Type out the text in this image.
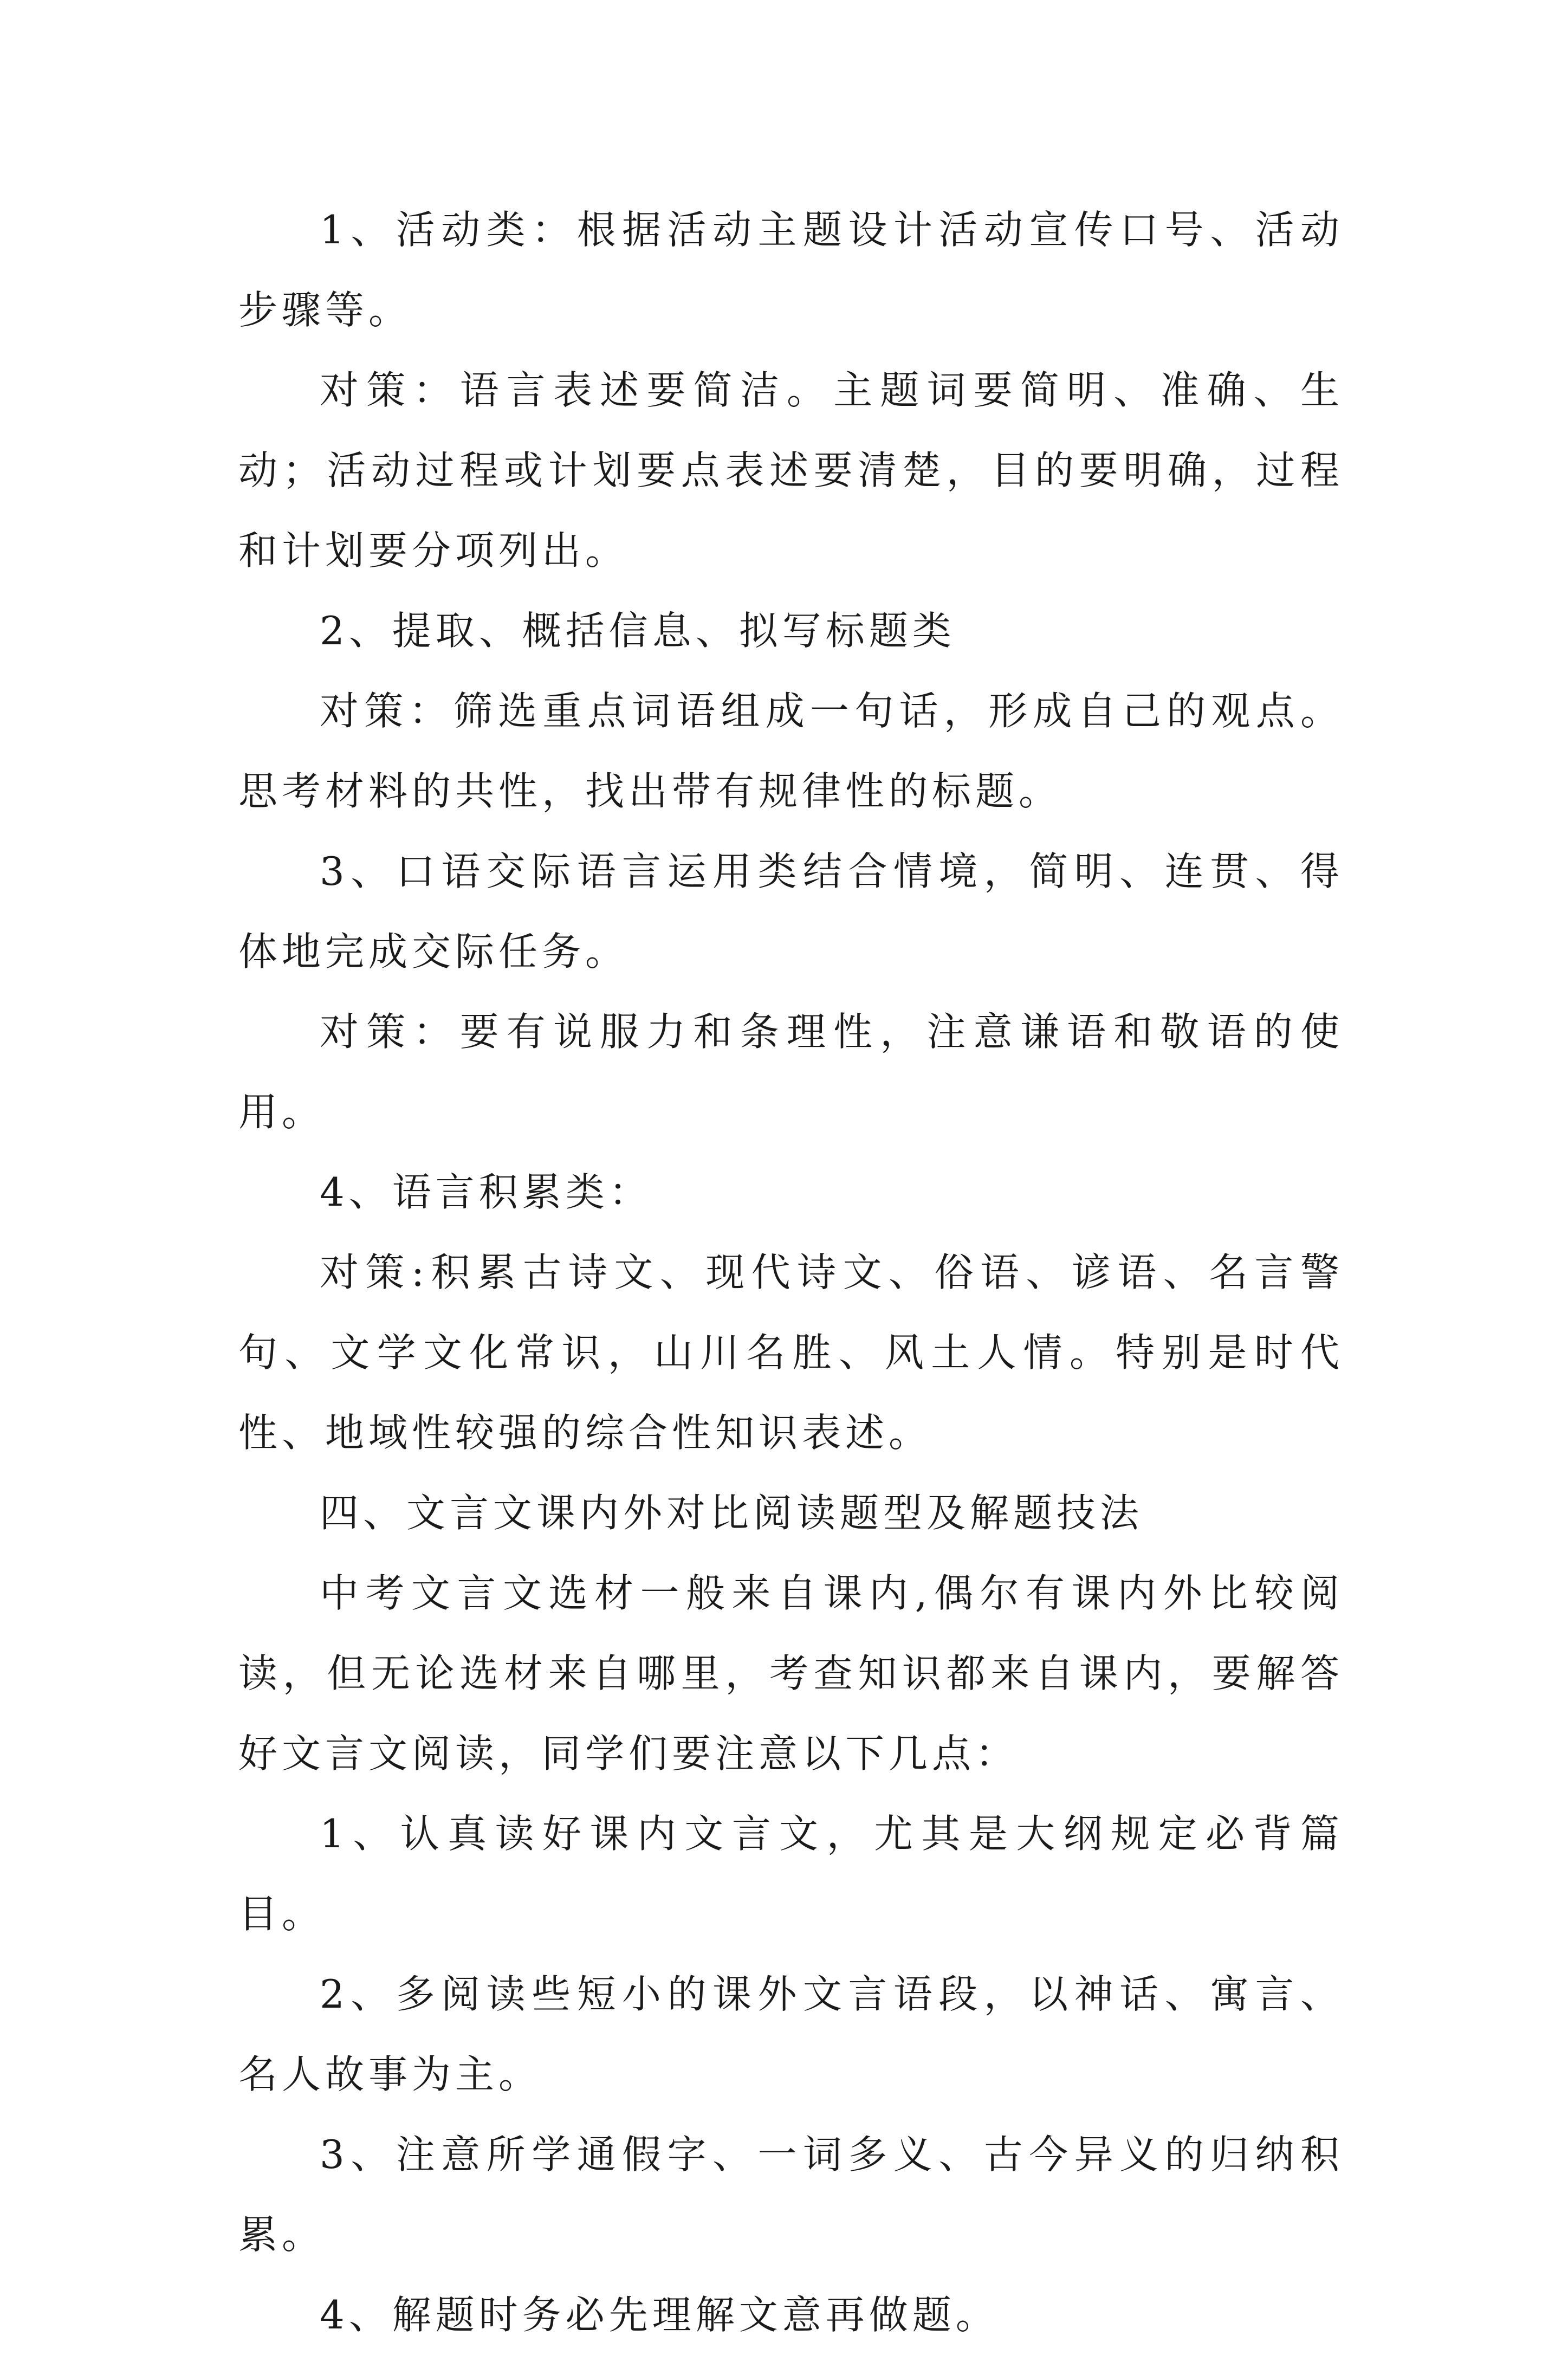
1、活动类：根据活动主题设计活动宣传口号、活动步骤等。

对策：语言表述要简洁。主题词要简明、准确、生动；活动过程或计划要点表述要清楚，目的要明确，过程和计划要分项列出。

2、提取、概括信息、拟写标题类

对策：筛选重点词语组成一句话，形成自己的观点。思考材料的共性，找出带有规律性的标题。

3、口语交际语言运用类结合情境，简明、连贯、得体地完成交际任务。

对策：要有说服力和条理性，注意谦语和敬语的使用。

4、语言积累类：

对策:积累古诗文、现代诗文、俗语、谚语、名言警句、文学文化常识，山川名胜、风土人情。特别是时代性、地域性较强的综合性知识表述。

四、文言文课内外对比阅读题型及解题技法

中考文言文选材一般来自课内,偶尔有课内外比较阅读，但无论选材来自哪里，考查知识都来自课内，要解答好文言文阅读，同学们要注意以下几点：

1、认真读好课内文言文，尤其是大纲规定必背篇目。

2、多阅读些短小的课外文言语段，以神话、寓言、名人故事为主。

3、注意所学通假字、一词多义、古今异义的归纳积累。

4、解题时务必先理解文意再做题。
